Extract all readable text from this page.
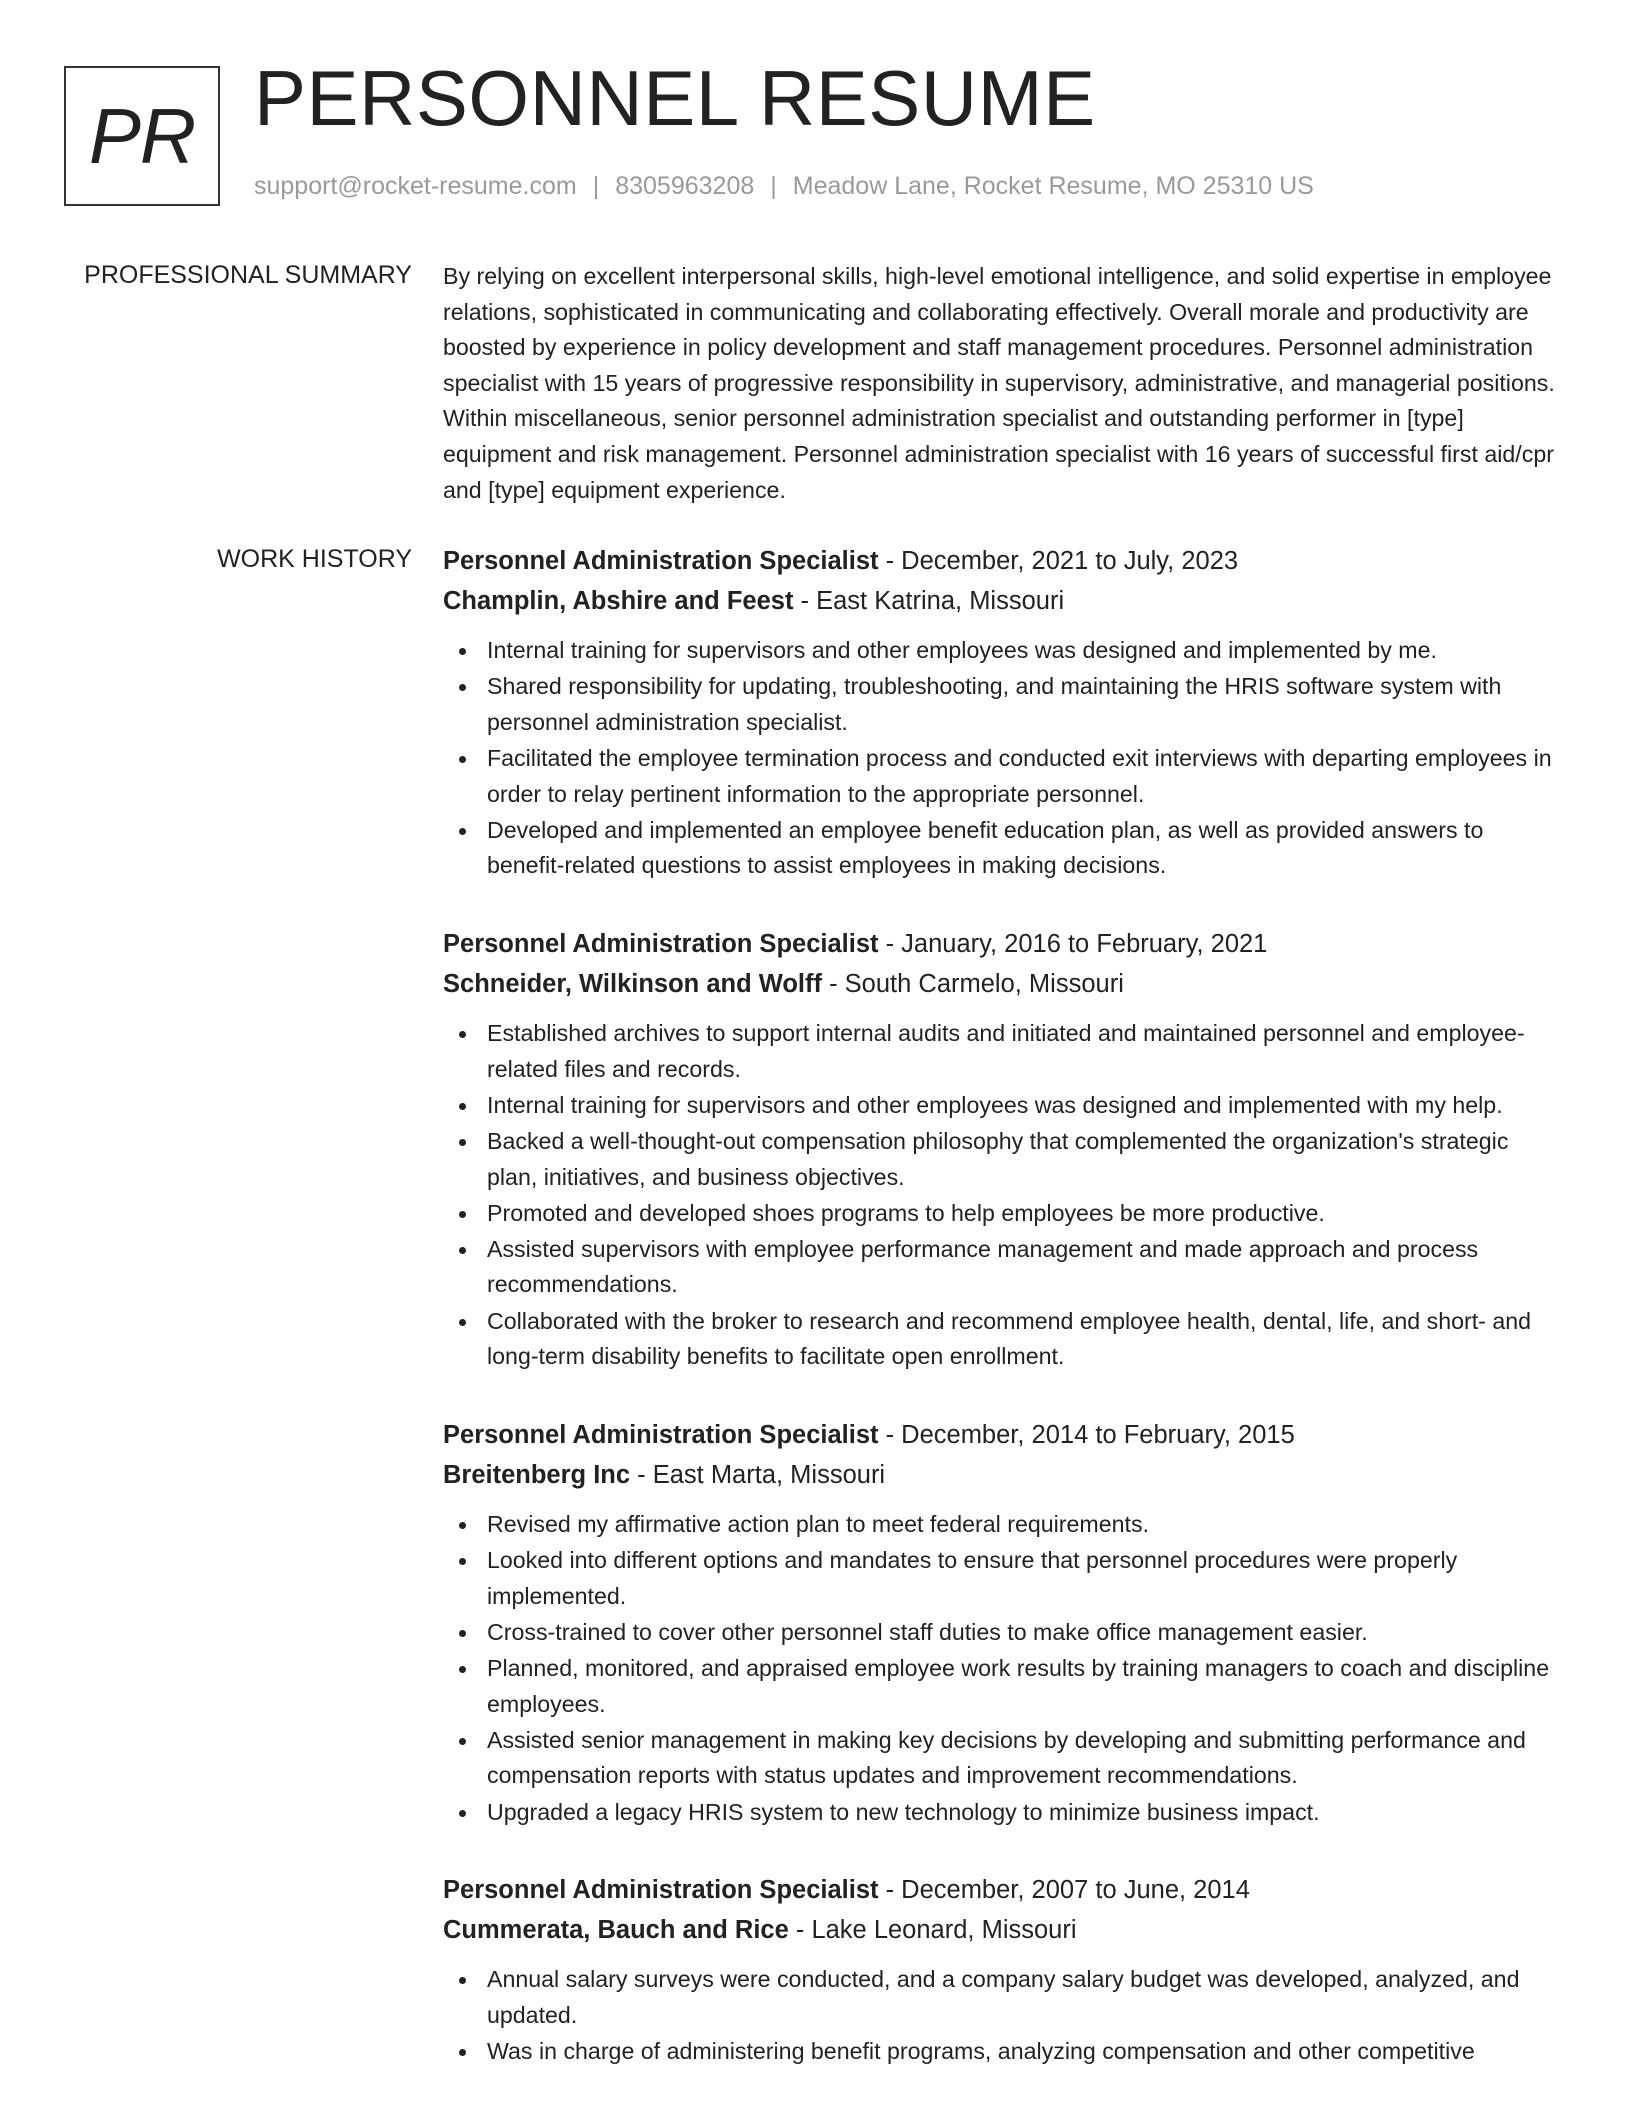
PR PERSONNEL RESUME
support@rocket-resume.com | 8305963208 | Meadow Lane, Rocket Resume, MO 25310 US
PROFESSIONAL SUMMARY By relying on excellent interpersonal skills, high-level emotional intelligence, and solid expertise in employee relations, sophisticated in communicating and collaborating effectively. Overall morale and productivity are boosted by experience in policy development and staff management procedures. Personnel administration specialist with 15 years of progressive responsibility in supervisory, administrative, and managerial positions. Within miscellaneous, senior personnel administration specialist and outstanding performer in [type] equipment and risk management. Personnel administration specialist with 16 years of successful first aid/cpr and [type] equipment experience.

WORK HISTORY Personnel Administration Specialist - December, 2021 to July, 2023
Champlin, Abshire and Feest - East Katrina, Missouri
Internal training for supervisors and other employees was designed and implemented by me.
Shared responsibility for updating, troubleshooting, and maintaining the HRIS software system with personnel administration specialist.
Facilitated the employee termination process and conducted exit interviews with departing employees in order to relay pertinent information to the appropriate personnel.
Developed and implemented an employee benefit education plan, as well as provided answers to benefit-related questions to assist employees in making decisions.
Personnel Administration Specialist - January, 2016 to February, 2021
Schneider, Wilkinson and Wolff - South Carmelo, Missouri
Established archives to support internal audits and initiated and maintained personnel and employee-related files and records.
Internal training for supervisors and other employees was designed and implemented with my help.
Backed a well-thought-out compensation philosophy that complemented the organization's strategic plan, initiatives, and business objectives.
Promoted and developed shoes programs to help employees be more productive.
Assisted supervisors with employee performance management and made approach and process recommendations.
Collaborated with the broker to research and recommend employee health, dental, life, and short- and long-term disability benefits to facilitate open enrollment.
Personnel Administration Specialist - December, 2014 to February, 2015
Breitenberg Inc - East Marta, Missouri
Revised my affirmative action plan to meet federal requirements.
Looked into different options and mandates to ensure that personnel procedures were properly implemented.
Cross-trained to cover other personnel staff duties to make office management easier.
Planned, monitored, and appraised employee work results by training managers to coach and discipline employees.
Assisted senior management in making key decisions by developing and submitting performance and compensation reports with status updates and improvement recommendations.
Upgraded a legacy HRIS system to new technology to minimize business impact.
Personnel Administration Specialist - December, 2007 to June, 2014
Cummerata, Bauch and Rice - Lake Leonard, Missouri
Annual salary surveys were conducted, and a company salary budget was developed, analyzed, and updated.
Was in charge of administering benefit programs, analyzing compensation and other competitive
